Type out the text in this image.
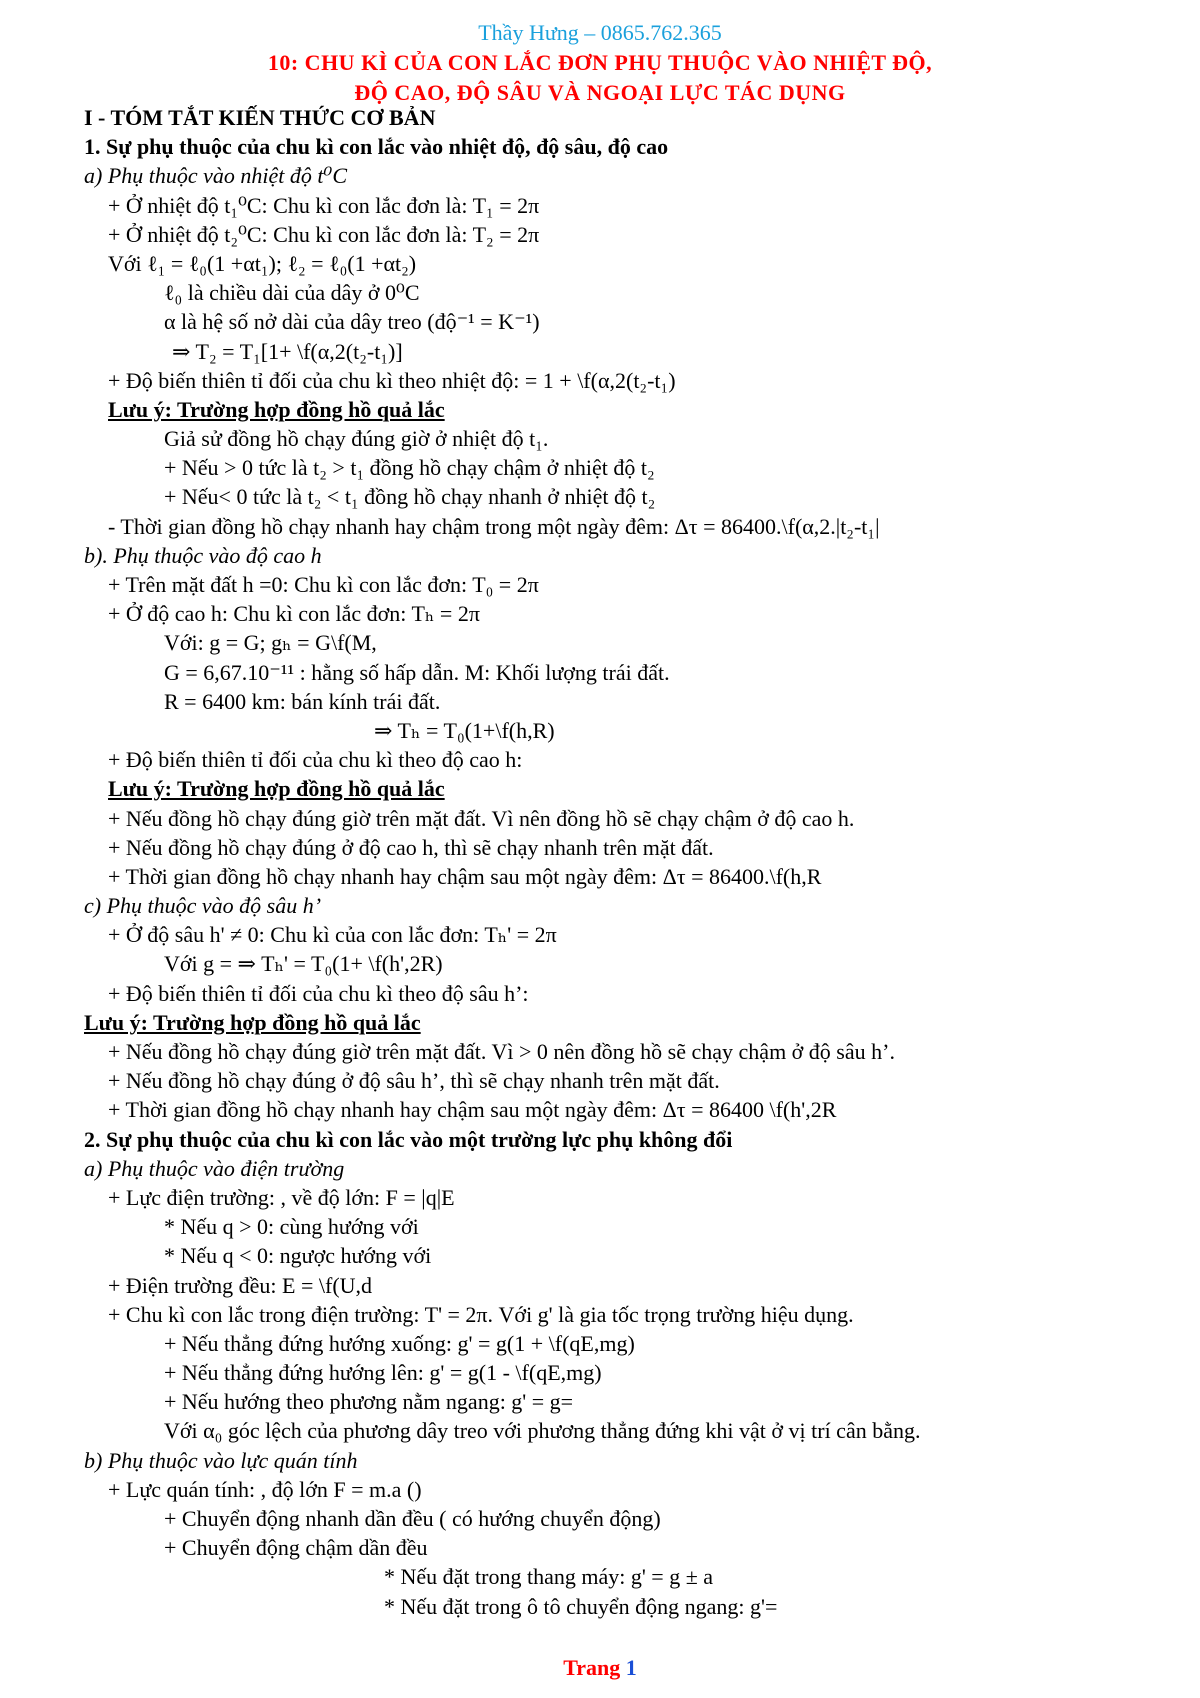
Thầy Hưng – 0865.762.365
10: CHU KÌ CỦA CON LẮC ĐƠN PHỤ THUỘC VÀO NHIỆT ĐỘ,
ĐỘ CAO, ĐỘ SÂU VÀ NGOẠI LỰC TÁC DỤNG
I - TÓM TẮT KIẾN THỨC CƠ BẢN
1. Sự phụ thuộc của chu kì con lắc vào nhiệt độ, độ sâu, độ cao
a) Phụ thuộc vào nhiệt độ t⁰C
+ Ở nhiệt độ t₁⁰C: Chu kì con lắc đơn là: T₁ = 2π
+ Ở nhiệt độ t₂⁰C: Chu kì con lắc đơn là: T₂ = 2π
Với ℓ₁ = ℓ₀(1 +αt₁); ℓ₂ = ℓ₀(1 +αt₂)
ℓ₀ là chiều dài của dây ở 0⁰C
α là hệ số nở dài của dây treo (độ⁻¹ = K⁻¹)
⇒ T₂ = T₁[1+ \f(α,2(t₂-t₁)]
+ Độ biến thiên tỉ đối của chu kì theo nhiệt độ: = 1 + \f(α,2(t₂-t₁)
Lưu ý: Trường hợp đồng hồ quả lắc
Giả sử đồng hồ chạy đúng giờ ở nhiệt độ t₁.
+ Nếu > 0 tức là t₂ > t₁ đồng hồ chạy chậm ở nhiệt độ t₂
+ Nếu< 0 tức là t₂ < t₁ đồng hồ chạy nhanh ở nhiệt độ t₂
- Thời gian đồng hồ chạy nhanh hay chậm trong một ngày đêm: Δτ = 86400.\f(α,2.|t₂-t₁|
b). Phụ thuộc vào độ cao h
+ Trên mặt đất h =0: Chu kì con lắc đơn: T₀ = 2π
+ Ở độ cao h: Chu kì con lắc đơn: Tₕ = 2π
Với: g = G; gₕ = G\f(M,
G = 6,67.10⁻¹¹ : hằng số hấp dẫn. M: Khối lượng trái đất.
R = 6400 km: bán kính trái đất.
⇒ Tₕ = T₀(1+\f(h,R)
+ Độ biến thiên tỉ đối của chu kì theo độ cao h:
Lưu ý: Trường hợp đồng hồ quả lắc
+ Nếu đồng hồ chạy đúng giờ trên mặt đất. Vì nên đồng hồ sẽ chạy chậm ở độ cao h.
+ Nếu đồng hồ chạy đúng ở độ cao h, thì sẽ chạy nhanh trên mặt đất.
+ Thời gian đồng hồ chạy nhanh hay chậm sau một ngày đêm: Δτ = 86400.\f(h,R
c) Phụ thuộc vào độ sâu h’
+ Ở độ sâu h' ≠ 0: Chu kì của con lắc đơn: Tₕ' = 2π
Với g = ⇒ Tₕ' = T₀(1+ \f(h',2R)
+ Độ biến thiên tỉ đối của chu kì theo độ sâu h’:
Lưu ý: Trường hợp đồng hồ quả lắc
+ Nếu đồng hồ chạy đúng giờ trên mặt đất. Vì > 0 nên đồng hồ sẽ chạy chậm ở độ sâu h’.
+ Nếu đồng hồ chạy đúng ở độ sâu h’, thì sẽ chạy nhanh trên mặt đất.
+ Thời gian đồng hồ chạy nhanh hay chậm sau một ngày đêm: Δτ = 86400 \f(h',2R
2. Sự phụ thuộc của chu kì con lắc vào một trường lực phụ không đổi
a) Phụ thuộc vào điện trường
+ Lực điện trường: , về độ lớn: F = |q|E
* Nếu q > 0: cùng hướng với
* Nếu q < 0: ngược hướng với
+ Điện trường đều: E = \f(U,d
+ Chu kì con lắc trong điện trường: T' = 2π. Với g' là gia tốc trọng trường hiệu dụng.
+ Nếu thẳng đứng hướng xuống: g' = g(1 + \f(qE,mg)
+ Nếu thẳng đứng hướng lên: g' = g(1 - \f(qE,mg)
+ Nếu hướng theo phương nằm ngang: g' = g=
Với α₀ góc lệch của phương dây treo với phương thẳng đứng khi vật ở vị trí cân bằng.
b) Phụ thuộc vào lực quán tính
+ Lực quán tính: , độ lớn F = m.a ()
+ Chuyển động nhanh dần đều ( có hướng chuyển động)
+ Chuyển động chậm dần đều
* Nếu đặt trong thang máy: g' = g ± a
* Nếu đặt trong ô tô chuyển động ngang: g'=
Trang 1
